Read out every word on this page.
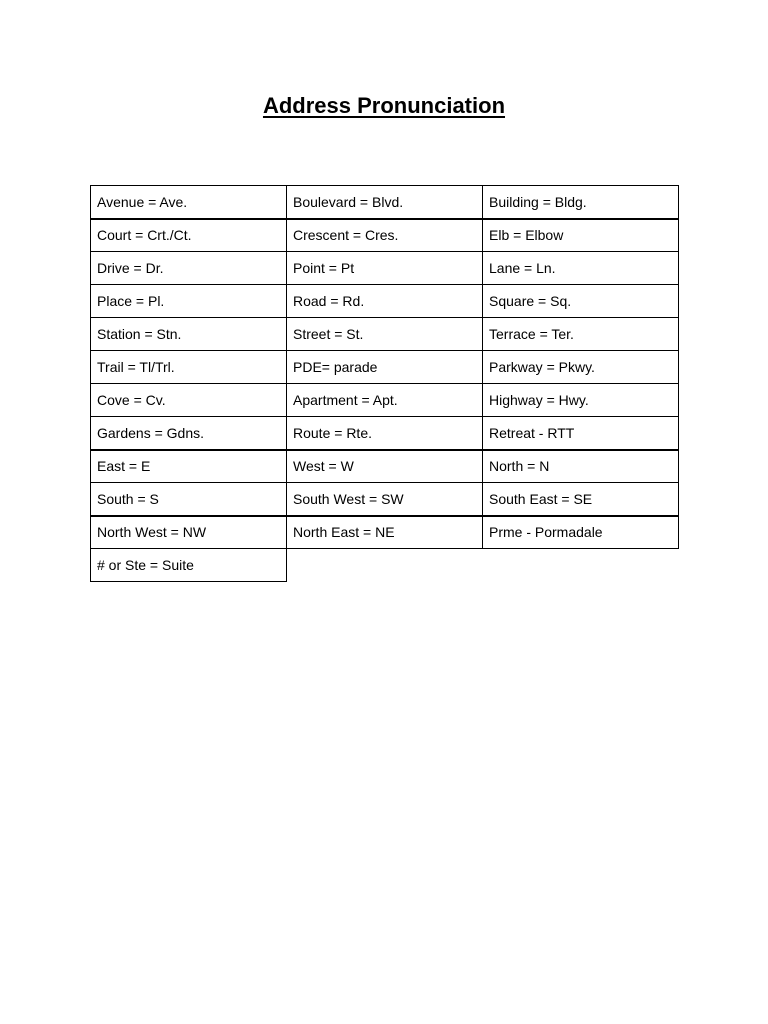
Address Pronunciation
Avenue = Ave.	Boulevard = Blvd.	Building = Bldg.
Court = Crt./Ct.	Crescent = Cres.	Elb = Elbow
Drive = Dr.	Point = Pt	Lane = Ln.
Place = Pl.	Road = Rd.	Square = Sq.
Station = Stn.	Street = St.	Terrace = Ter.
Trail = Tl/Trl.	PDE= parade	Parkway = Pkwy.
Cove = Cv.	Apartment = Apt.	Highway = Hwy.
Gardens = Gdns.	Route = Rte.	Retreat - RTT
East = E	West = W	North = N
South = S	South West = SW	South East = SE
North West = NW	North East = NE	Prme - Pormadale
# or Ste = Suite		
